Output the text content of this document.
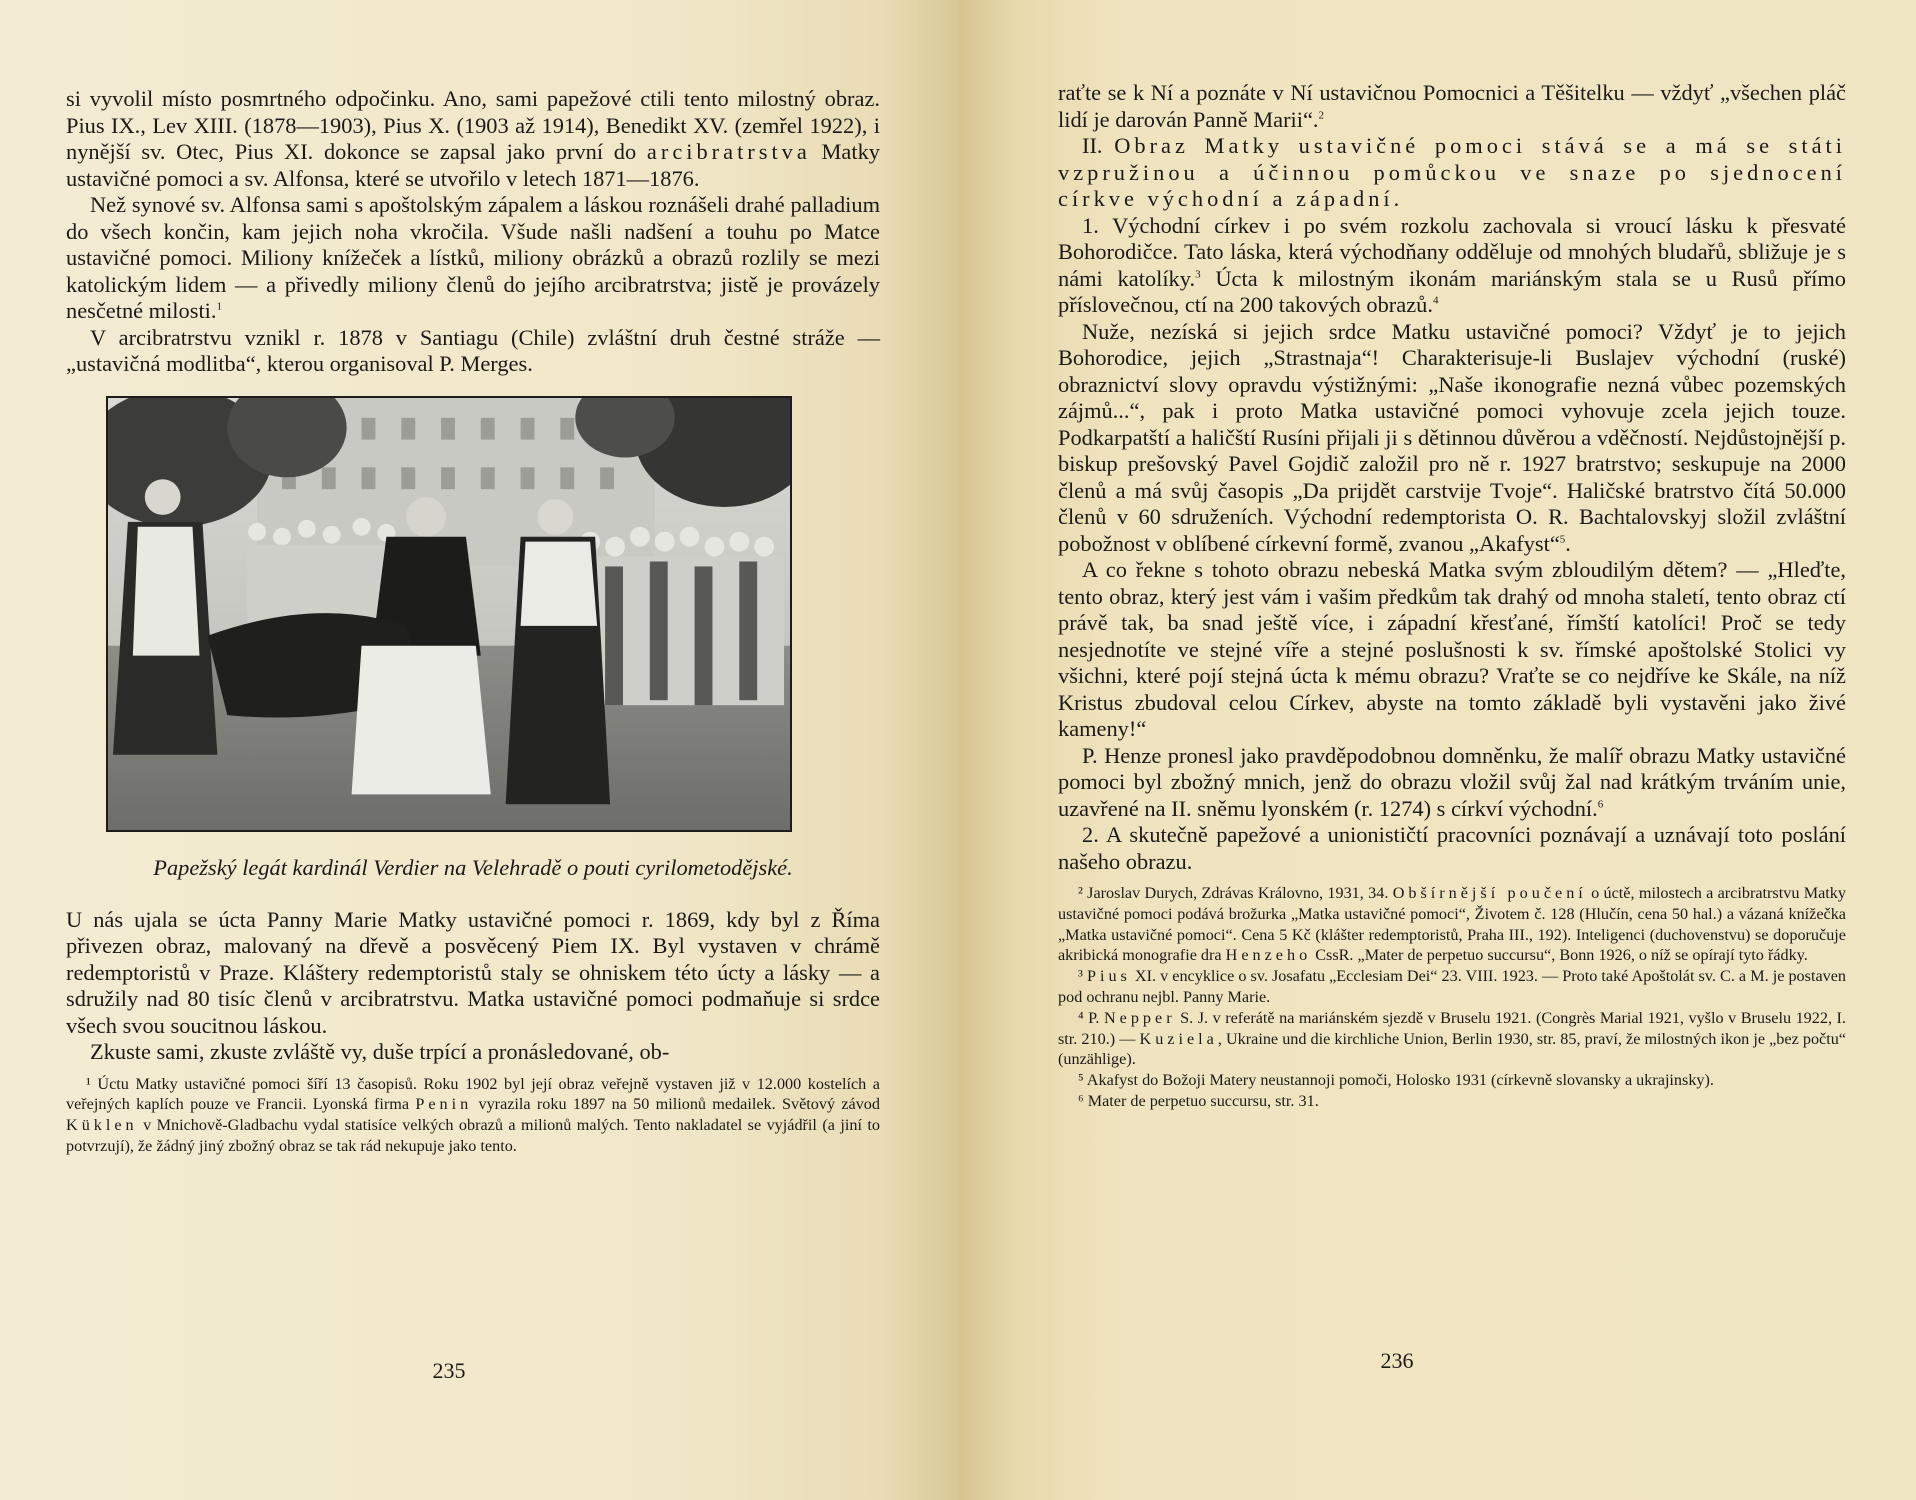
si vyvolil místo posmrtného odpočinku. Ano, sami papežové ctili tento milostný obraz. Pius IX., Lev XIII. (1878—1903), Pius X. (1903 až 1914), Benedikt XV. (zemřel 1922), i nynější sv. Otec, Pius XI. dokonce se zapsal jako první do arcibratrstva Matky ustavičné pomoci a sv. Alfonsa, které se utvořilo v letech 1871—1876.

Než synové sv. Alfonsa sami s apoštolským zápalem a láskou roznášeli drahé palladium do všech končin, kam jejich noha vkročila. Všude našli nadšení a touhu po Matce ustavičné pomoci. Miliony knížeček a lístků, miliony obrázků a obrazů rozlily se mezi katolickým lidem — a přivedly miliony členů do jejího arcibratrstva; jistě je provázely nesčetné milosti.$^1$

V arcibratrstvu vznikl r. 1878 v Santiagu (Chile) zvláštní druh čestné stráže — „ustavičná modlitba“, kterou organisoval P. Merges.

Papežský legát kardinál Verdier na Velehradě o pouti cyrilometodějské.

U nás ujala se úcta Panny Marie Matky ustavičné pomoci r. 1869, kdy byl z Říma přivezen obraz, malovaný na dřevě a posvěcený Piem IX. Byl vystaven v chrámě redemptoristů v Praze. Kláštery redemptoristů staly se ohniskem této úcty a lásky — a sdružily nad 80 tisíc členů v arcibratrstvu. Matka ustavičné pomoci podmaňuje si srdce všech svou soucitnou láskou.

Zkuste sami, zkuste zvláště vy, duše trpící a pronásledované, ob-

¹ Úctu Matky ustavičné pomoci šíří 13 časopisů. Roku 1902 byl její obraz veřejně vystaven již v 12.000 kostelích a veřejných kaplích pouze ve Francii. Lyonská firma Penin vyrazila roku 1897 na 50 milionů medailek. Světový závod Küklen v Mnichově-Gladbachu vydal statisíce velkých obrazů a milionů malých. Tento nakladatel se vyjádřil (a jiní to potvrzují), že žádný jiný zbožný obraz se tak rád nekupuje jako tento.

235

raťte se k Ní a poznáte v Ní ustavičnou Pomocnici a Těšitelku — vždyť „všechen pláč lidí je darován Panně Marii“.$^2$

II. Obraz Matky ustavičné pomoci stává se a má se státi vzpružinou a účinnou pomůckou ve snaze po sjednocení církve východní a západní.

1. Východní církev i po svém rozkolu zachovala si vroucí lásku k přesvaté Bohorodičce. Tato láska, která východňany odděluje od mnohých bludařů, sbližuje je s námi katolíky.$^3$ Úcta k milostným ikonám mariánským stala se u Rusů přímo příslovečnou, ctí na 200 takových obrazů.$^4$

Nuže, nezíská si jejich srdce Matku ustavičné pomoci? Vždyť je to jejich Bohorodice, jejich „Strastnaja“! Charakterisuje-li Buslajev východní (ruské) obraznictví slovy opravdu výstižnými: „Naše ikonografie nezná vůbec pozemských zájmů...“, pak i proto Matka ustavičné pomoci vyhovuje zcela jejich touze. Podkarpatští a haličští Rusíni přijali ji s dětinnou důvěrou a vděčností. Nejdůstojnější p. biskup prešovský Pavel Gojdič založil pro ně r. 1927 bratrstvo; seskupuje na 2000 členů a má svůj časopis „Da prijdět carstvije Tvoje“. Haličské bratrstvo čítá 50.000 členů v 60 sdruženích. Východní redemptorista O. R. Bachtalovskyj složil zvláštní pobožnost v oblíbené církevní formě, zvanou „Akafyst“$^5$.

A co řekne s tohoto obrazu nebeská Matka svým zbloudilým dětem? — „Hleďte, tento obraz, který jest vám i vašim předkům tak drahý od mnoha staletí, tento obraz ctí právě tak, ba snad ještě více, i západní křesťané, římští katolíci! Proč se tedy nesjednotíte ve stejné víře a stejné poslušnosti k sv. římské apoštolské Stolici vy všichni, které pojí stejná úcta k mému obrazu? Vraťte se co nejdříve ke Skále, na níž Kristus zbudoval celou Církev, abyste na tomto základě byli vystavěni jako živé kameny!“

P. Henze pronesl jako pravděpodobnou domněnku, že malíř obrazu Matky ustavičné pomoci byl zbožný mnich, jenž do obrazu vložil svůj žal nad krátkým trváním unie, uzavřené na II. sněmu lyonském (r. 1274) s církví východní.$^6$

2. A skutečně papežové a unionističtí pracovníci poznávají a uznávají toto poslání našeho obrazu.

² Jaroslav Durych, Zdrávas Královno, 1931, 34. Obšírnější poučení o úctě, milostech a arcibratrstvu Matky ustavičné pomoci podává brožurka „Matka ustavičné pomoci“, Životem č. 128 (Hlučín, cena 50 hal.) a vázaná knížečka „Matka ustavičné pomoci“. Cena 5 Kč (klášter redemptoristů, Praha III., 192). Inteligenci (duchovenstvu) se doporučuje akribická monografie dra Henzeho CssR. „Mater de perpetuo succursu“, Bonn 1926, o níž se opírají tyto řádky.

³ Pius XI. v encyklice o sv. Josafatu „Ecclesiam Dei“ 23. VIII. 1923. — Proto také Apoštolát sv. C. a M. je postaven pod ochranu nejbl. Panny Marie.

⁴ P. Nepper S. J. v referátě na mariánském sjezdě v Bruselu 1921. (Congrès Marial 1921, vyšlo v Bruselu 1922, I. str. 210.) — Kuziela, Ukraine und die kirchliche Union, Berlin 1930, str. 85, praví, že milostných ikon je „bez počtu“ (unzählige).

⁵ Akafyst do Božoji Matery neustannoji pomoči, Holosko 1931 (církevně slovansky a ukrajinsky).

⁶ Mater de perpetuo succursu, str. 31.

236
